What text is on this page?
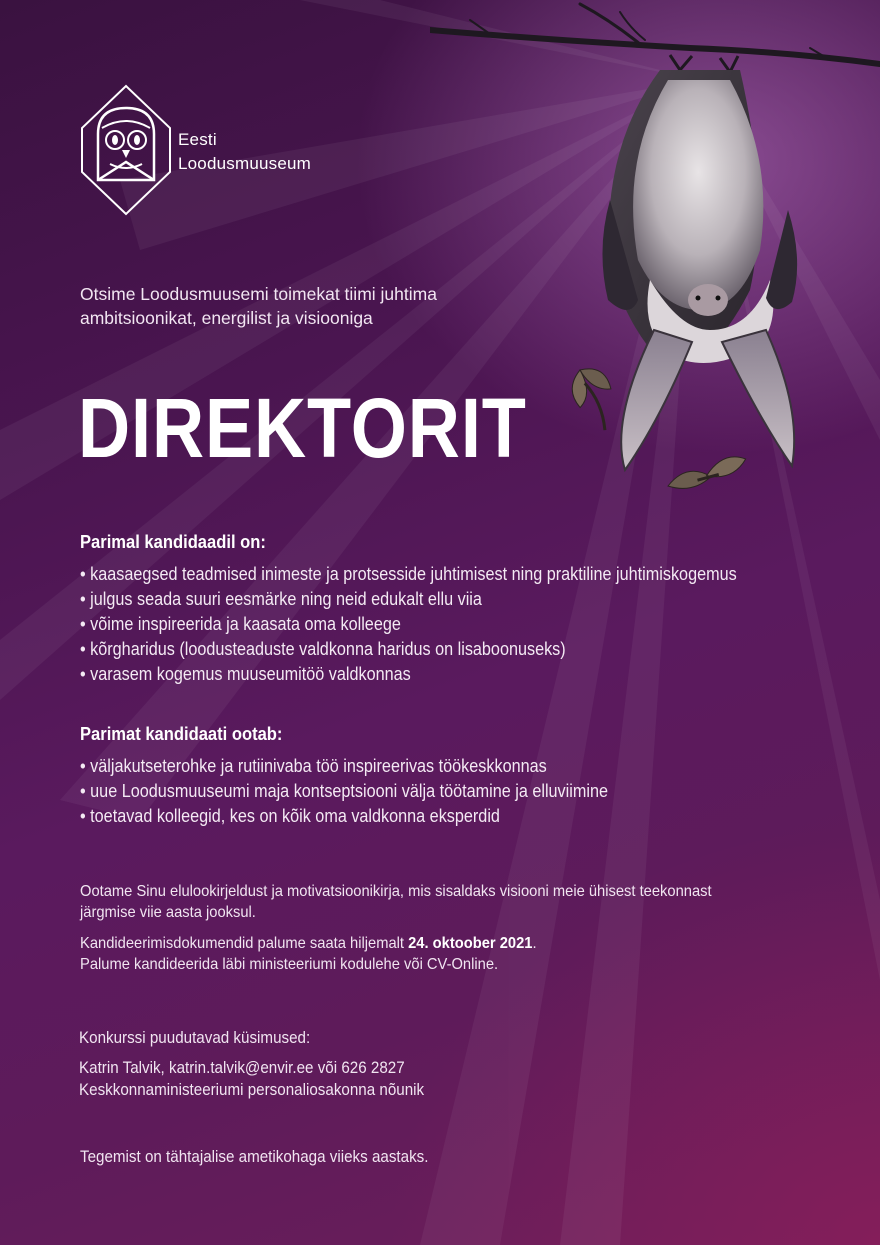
Eesti
Loodusmuuseum
Otsime Loodusmuusemi toimekat tiimi juhtima
ambitsioonikat, energilist ja visiooniga
DIREKTORIT
Parimal kandidaadil on:
• kaasaegsed teadmised inimeste ja protsesside juhtimisest ning praktiline juhtimiskogemus
• julgus seada suuri eesmärke ning neid edukalt ellu viia
• võime inspireerida ja kaasata oma kolleege
• kõrgharidus (loodusteaduste valdkonna haridus on lisaboonuseks)
• varasem kogemus muuseumitöö valdkonnas
Parimat kandidaati ootab:
• väljakutseterohke ja rutiinivaba töö inspireerivas töökeskkonnas
• uue Loodusmuuseumi maja kontseptsiooni välja töötamine ja elluviimine
• toetavad kolleegid, kes on kõik oma valdkonna eksperdid

Ootame Sinu elulookirjeldust ja motivatsioonikirja, mis sisaldaks visiooni meie ühisest teekonnast

järgmise viie aasta jooksul.

Kandideerimisdokumendid palume saata hiljemalt 24. oktoober 2021.

Palume kandideerida läbi ministeeriumi kodulehe või CV-Online.

Konkurssi puudutavad küsimused:

Katrin Talvik, katrin.talvik@envir.ee või 626 2827

Keskkonnaministeeriumi personaliosakonna nõunik

Tegemist on tähtajalise ametikohaga viieks aastaks.
